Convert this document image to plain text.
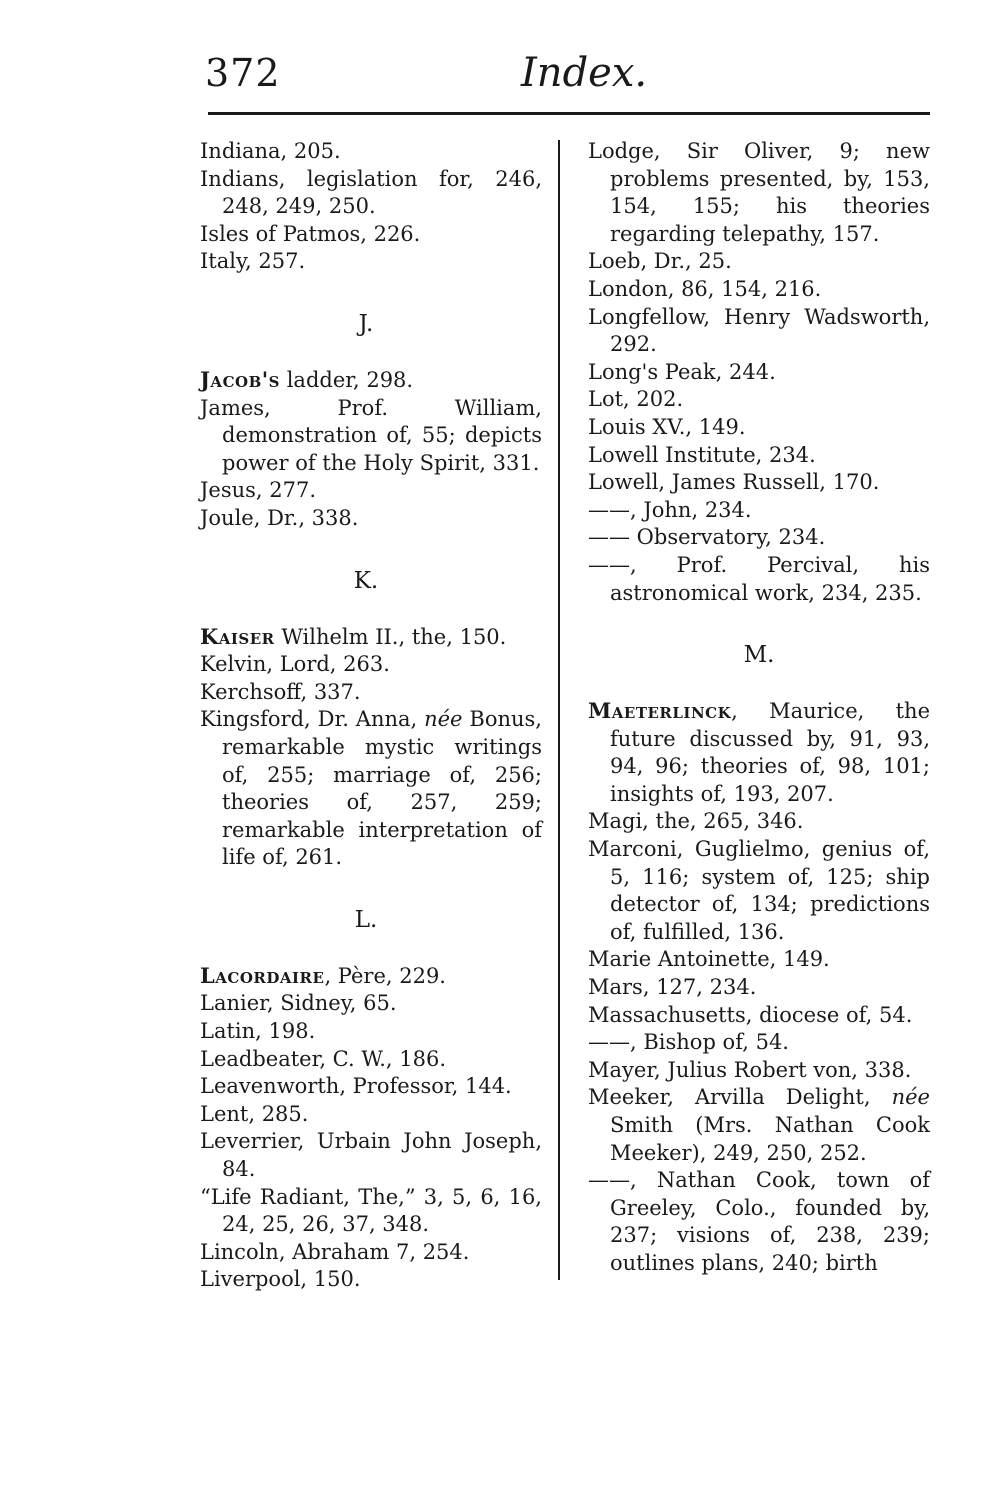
372	Index.

Indiana, 205.

Indians, legislation for, 246, 248, 249, 250.

Isles of Patmos, 226.

Italy, 257.

J.

Jacob's ladder, 298.

James, Prof. William, demonstration of, 55; depicts power of the Holy Spirit, 331.

Jesus, 277.

Joule, Dr., 338.

K.

Kaiser Wilhelm II., the, 150.

Kelvin, Lord, 263.

Kerchsoff, 337.

Kingsford, Dr. Anna, née Bonus, remarkable mystic writings of, 255; marriage of, 256; theories of, 257, 259; remarkable interpretation of life of, 261.

L.

Lacordaire, Père, 229.

Lanier, Sidney, 65.

Latin, 198.

Leadbeater, C. W., 186.

Leavenworth, Professor, 144.

Lent, 285.

Leverrier, Urbain John Joseph, 84.

“Life Radiant, The,” 3, 5, 6, 16, 24, 25, 26, 37, 348.

Lincoln, Abraham 7, 254.

Liverpool, 150.

Lodge, Sir Oliver, 9; new problems presented, by, 153, 154, 155; his theories regarding telepathy, 157.

Loeb, Dr., 25.

London, 86, 154, 216.

Longfellow, Henry Wadsworth, 292.

Long's Peak, 244.

Lot, 202.

Louis XV., 149.

Lowell Institute, 234.

Lowell, James Russell, 170.

——, John, 234.

—— Observatory, 234.

——, Prof. Percival, his astronomical work, 234, 235.

M.

Maeterlinck, Maurice, the future discussed by, 91, 93, 94, 96; theories of, 98, 101; insights of, 193, 207.

Magi, the, 265, 346.

Marconi, Guglielmo, genius of, 5, 116; system of, 125; ship detector of, 134; predictions of, fulfilled, 136.

Marie Antoinette, 149.

Mars, 127, 234.

Massachusetts, diocese of, 54.

——, Bishop of, 54.

Mayer, Julius Robert von, 338.

Meeker, Arvilla Delight, née Smith (Mrs. Nathan Cook Meeker), 249, 250, 252.

——, Nathan Cook, town of Greeley, Colo., founded by, 237; visions of, 238, 239; outlines plans, 240; birth
